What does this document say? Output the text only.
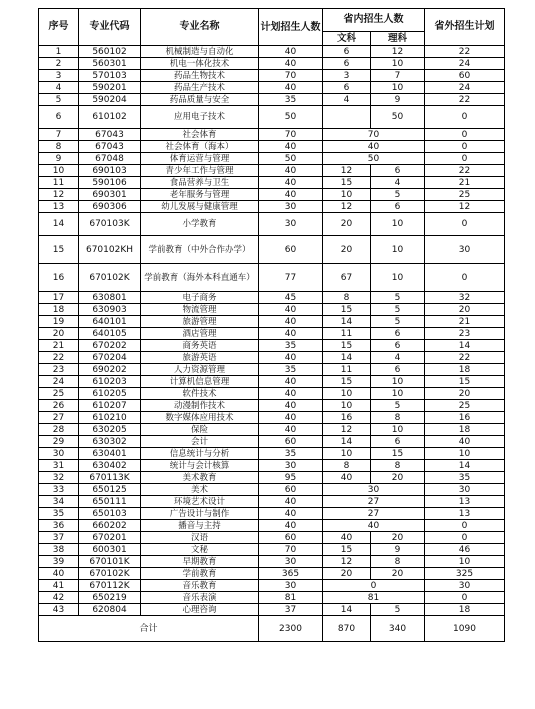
序号	专业代码	专业名称	计划招生人数	省内招生人数		省外招生计划
				文科	理科	
1	560102	机械制造与自动化	40	6	12	22
2	560301	机电一体化技术	40	6	10	24
3	570103	药品生物技术	70	3	7	60
4	590201	药品生产技术	40	6	10	24
5	590204	药品质量与安全	35	4	9	22
6	610102	应用电子技术	50		50	0
7	67043	社会体育	70	70		0
8	67043	社会体育（海本）	40	40		0
9	67048	体育运营与管理	50	50		0
10	690103	青少年工作与管理	40	12	6	22
11	590106	食品营养与卫生	40	15	4	21
12	690301	老年服务与管理	40	10	5	25
13	690306	幼儿发展与健康管理	30	12	6	12
14	670103K	小学教育	30	20	10	0
15	670102KH	学前教育（中外合作办学）	60	20	10	30
16	670102K	学前教育（海外本科直通车）	77	67	10	0
17	630801	电子商务	45	8	5	32
18	630903	物流管理	40	15	5	20
19	640101	旅游管理	40	14	5	21
20	640105	酒店管理	40	11	6	23
21	670202	商务英语	35	15	6	14
22	670204	旅游英语	40	14	4	22
23	690202	人力资源管理	35	11	6	18
24	610203	计算机信息管理	40	15	10	15
25	610205	软件技术	40	10	10	20
26	610207	动漫制作技术	40	10	5	25
27	610210	数字媒体应用技术	40	16	8	16
28	630205	保险	40	12	10	18
29	630302	会计	60	14	6	40
30	630401	信息统计与分析	35	10	15	10
31	630402	统计与会计核算	30	8	8	14
32	670113K	美术教育	95	40	20	35
33	650125	美术	60	30		30
34	650111	环境艺术设计	40	27		13
35	650103	广告设计与制作	40	27		13
36	660202	播音与主持	40	40		0
37	670201	汉语	60	40	20	0
38	600301	文秘	70	15	9	46
39	670101K	早期教育	30	12	8	10
40	670102K	学前教育	365	20	20	325
41	670112K	音乐教育	30	0		30
42	650219	音乐表演	81	81		0
43	620804	心理咨询	37	14	5	18
合计			2300	870	340	1090
